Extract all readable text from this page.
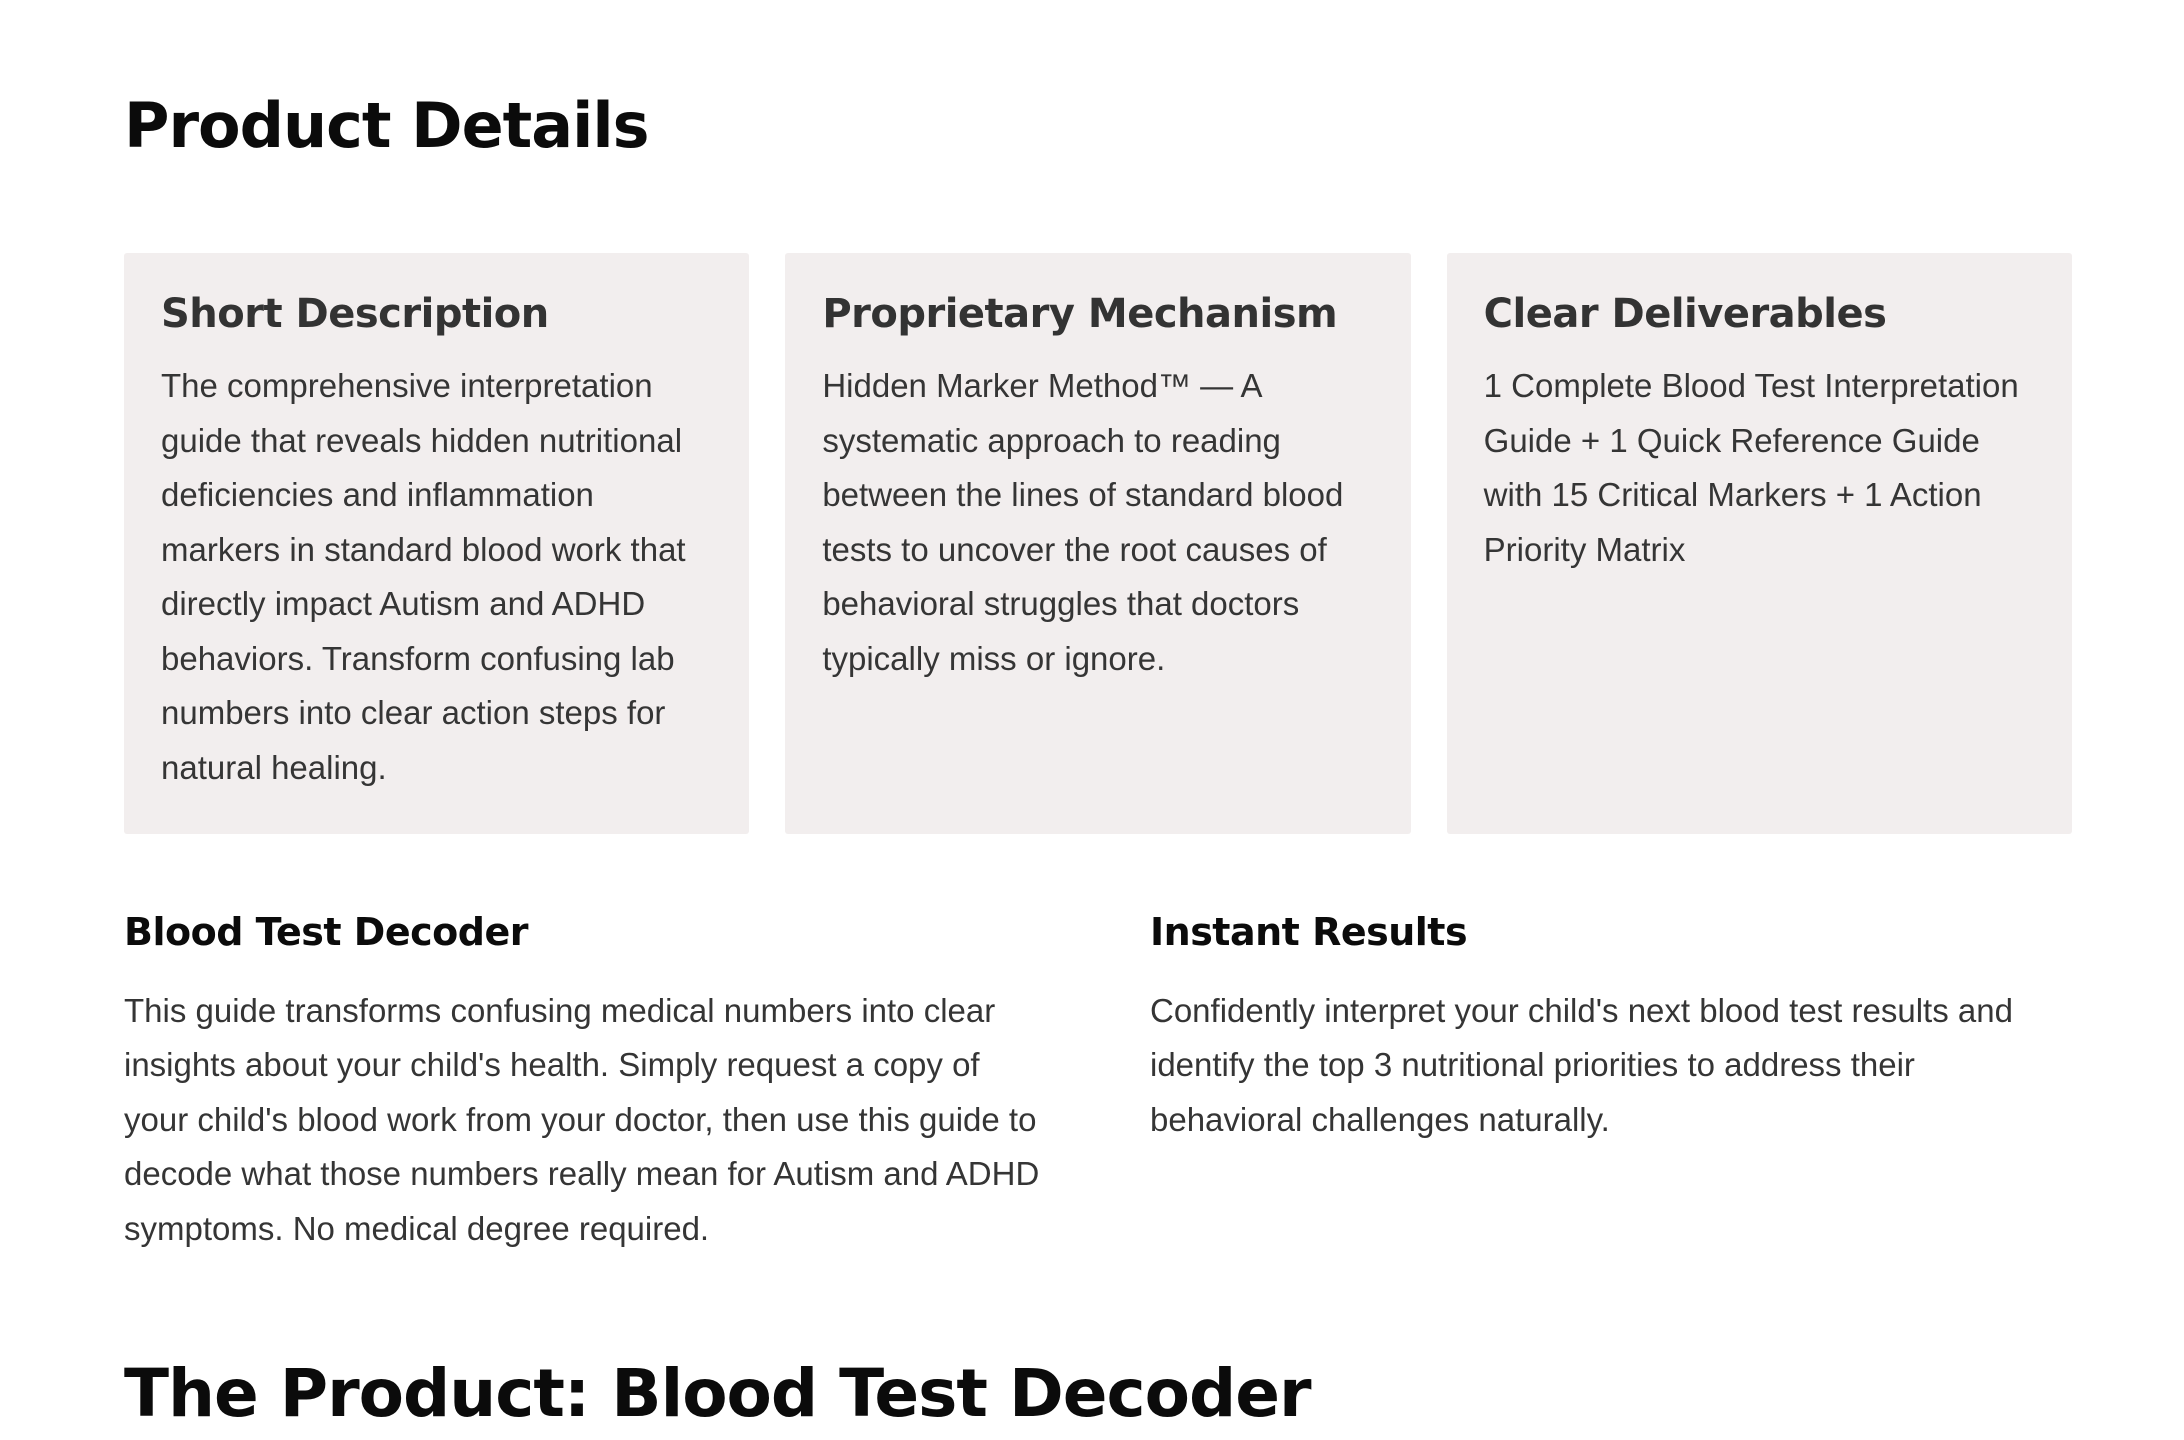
Product Details
Short Description

The comprehensive interpretation guide that reveals hidden nutritional deficiencies and inflammation markers in standard blood work that directly impact Autism and ADHD behaviors. Transform confusing lab numbers into clear action steps for natural healing.

Proprietary Mechanism

Hidden Marker Method™ — A systematic approach to reading between the lines of standard blood tests to uncover the root causes of behavioral struggles that doctors typically miss or ignore.

Clear Deliverables

1 Complete Blood Test Interpretation Guide + 1 Quick Reference Guide with 15 Critical Markers + 1 Action Priority Matrix

Blood Test Decoder

This guide transforms confusing medical numbers into clear insights about your child's health. Simply request a copy of your child's blood work from your doctor, then use this guide to decode what those numbers really mean for Autism and ADHD symptoms. No medical degree required.

Instant Results

Confidently interpret your child's next blood test results and identify the top 3 nutritional priorities to address their behavioral challenges naturally.

The Product: Blood Test Decoder
